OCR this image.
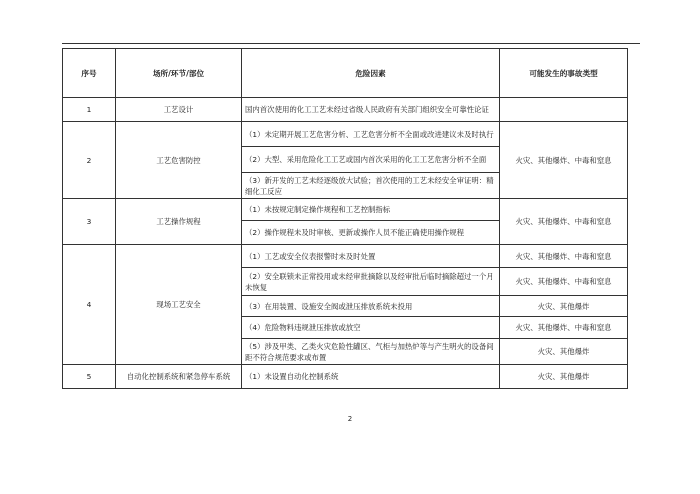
序号	场所/环节/部位	危险因素	可能发生的事故类型
1	工艺设计	国内首次使用的化工工艺未经过省级人民政府有关部门组织安全可靠性论证	
2	工艺危害防控	（1）未定期开展工艺危害分析、工艺危害分析不全面或改进建议未及时执行	火灾、其他爆炸、中毒和窒息
		（2）大型、采用危险化工工艺或国内首次采用的化工工艺危害分析不全面	
		（3）新开发的工艺未经逐级放大试验；首次使用的工艺未经安全审证明：精细化工反应	
3	工艺操作规程	（1）未按规定制定操作规程和工艺控制指标	火灾、其他爆炸、中毒和窒息
		（2）操作规程未及时审核、更新或操作人员不能正确使用操作规程	
4	现场工艺安全	（1）工艺或安全仪表报警时未及时处置	火灾、其他爆炸、中毒和窒息
		（2）安全联锁未正常投用或未经审批摘除以及经审批后临时摘除超过一个月未恢复	火灾、其他爆炸、中毒和窒息
		（3）在用装置、设施安全阀或泄压排放系统未投用	火灾、其他爆炸
		（4）危险物料违规泄压排放或放空	火灾、其他爆炸、中毒和窒息
		（5）涉及甲类、乙类火灾危险性罐区、气柜与加热炉等与产生明火的设备间距不符合规范要求或布置	火灾、其他爆炸
5	自动化控制系统和紧急停车系统	（1）未设置自动化控制系统	火灾、其他爆炸
2
